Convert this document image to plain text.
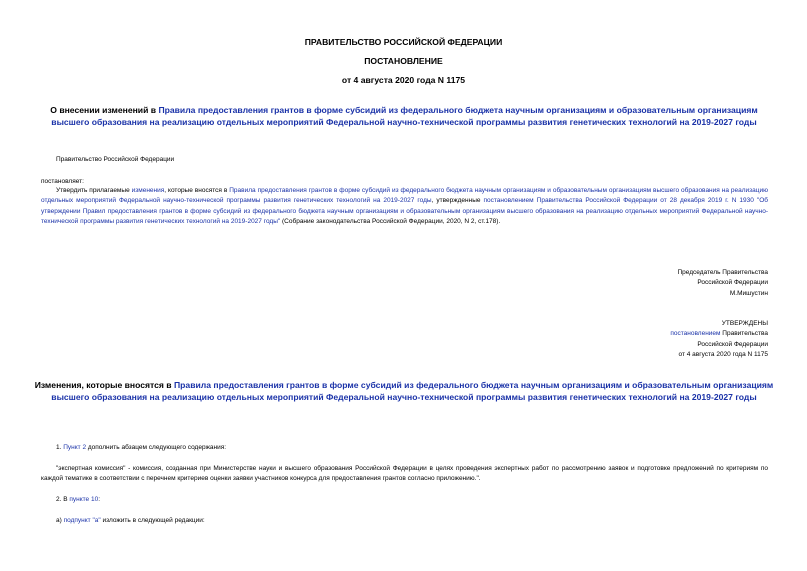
ПРАВИТЕЛЬСТВО РОССИЙСКОЙ ФЕДЕРАЦИИ
ПОСТАНОВЛЕНИЕ
от 4 августа 2020 года N 1175
О внесении изменений в Правила предоставления грантов в форме субсидий из федерального бюджета научным организациям и образовательным организациям высшего образования на реализацию отдельных мероприятий Федеральной научно-технической программы развития генетических технологий на 2019-2027 годы
Правительство Российской Федерации
постановляет:
Утвердить прилагаемые изменения, которые вносятся в Правила предоставления грантов в форме субсидий из федерального бюджета научным организациям и образовательным организациям высшего образования на реализацию отдельных мероприятий Федеральной научно-технической программы развития генетических технологий на 2019-2027 годы, утвержденные постановлением Правительства Российской Федерации от 28 декабря 2019 г. N 1930 "Об утверждении Правил предоставления грантов в форме субсидий из федерального бюджета научным организациям и образовательным организациям высшего образования на реализацию отдельных мероприятий Федеральной научно-технической программы развития генетических технологий на 2019-2027 годы" (Собрание законодательства Российской Федерации, 2020, N 2, ст.178).
Председатель Правительства
Российской Федерации
М.Мишустин
УТВЕРЖДЕНЫ
постановлением Правительства
Российской Федерации
от 4 августа 2020 года N 1175
Изменения, которые вносятся в Правила предоставления грантов в форме субсидий из федерального бюджета научным организациям и образовательным организациям высшего образования на реализацию отдельных мероприятий Федеральной научно-технической программы развития генетических технологий на 2019-2027 годы
1. Пункт 2 дополнить абзацем следующего содержания:
"экспертная комиссия" - комиссия, созданная при Министерстве науки и высшего образования Российской Федерации в целях проведения экспертных работ по рассмотрению заявок и подготовке предложений по критериям по каждой тематике в соответствии с перечнем критериев оценки заявки участников конкурса для предоставления грантов согласно приложению.".
2. В пункте 10:
а) подпункт "а" изложить в следующей редакции:
